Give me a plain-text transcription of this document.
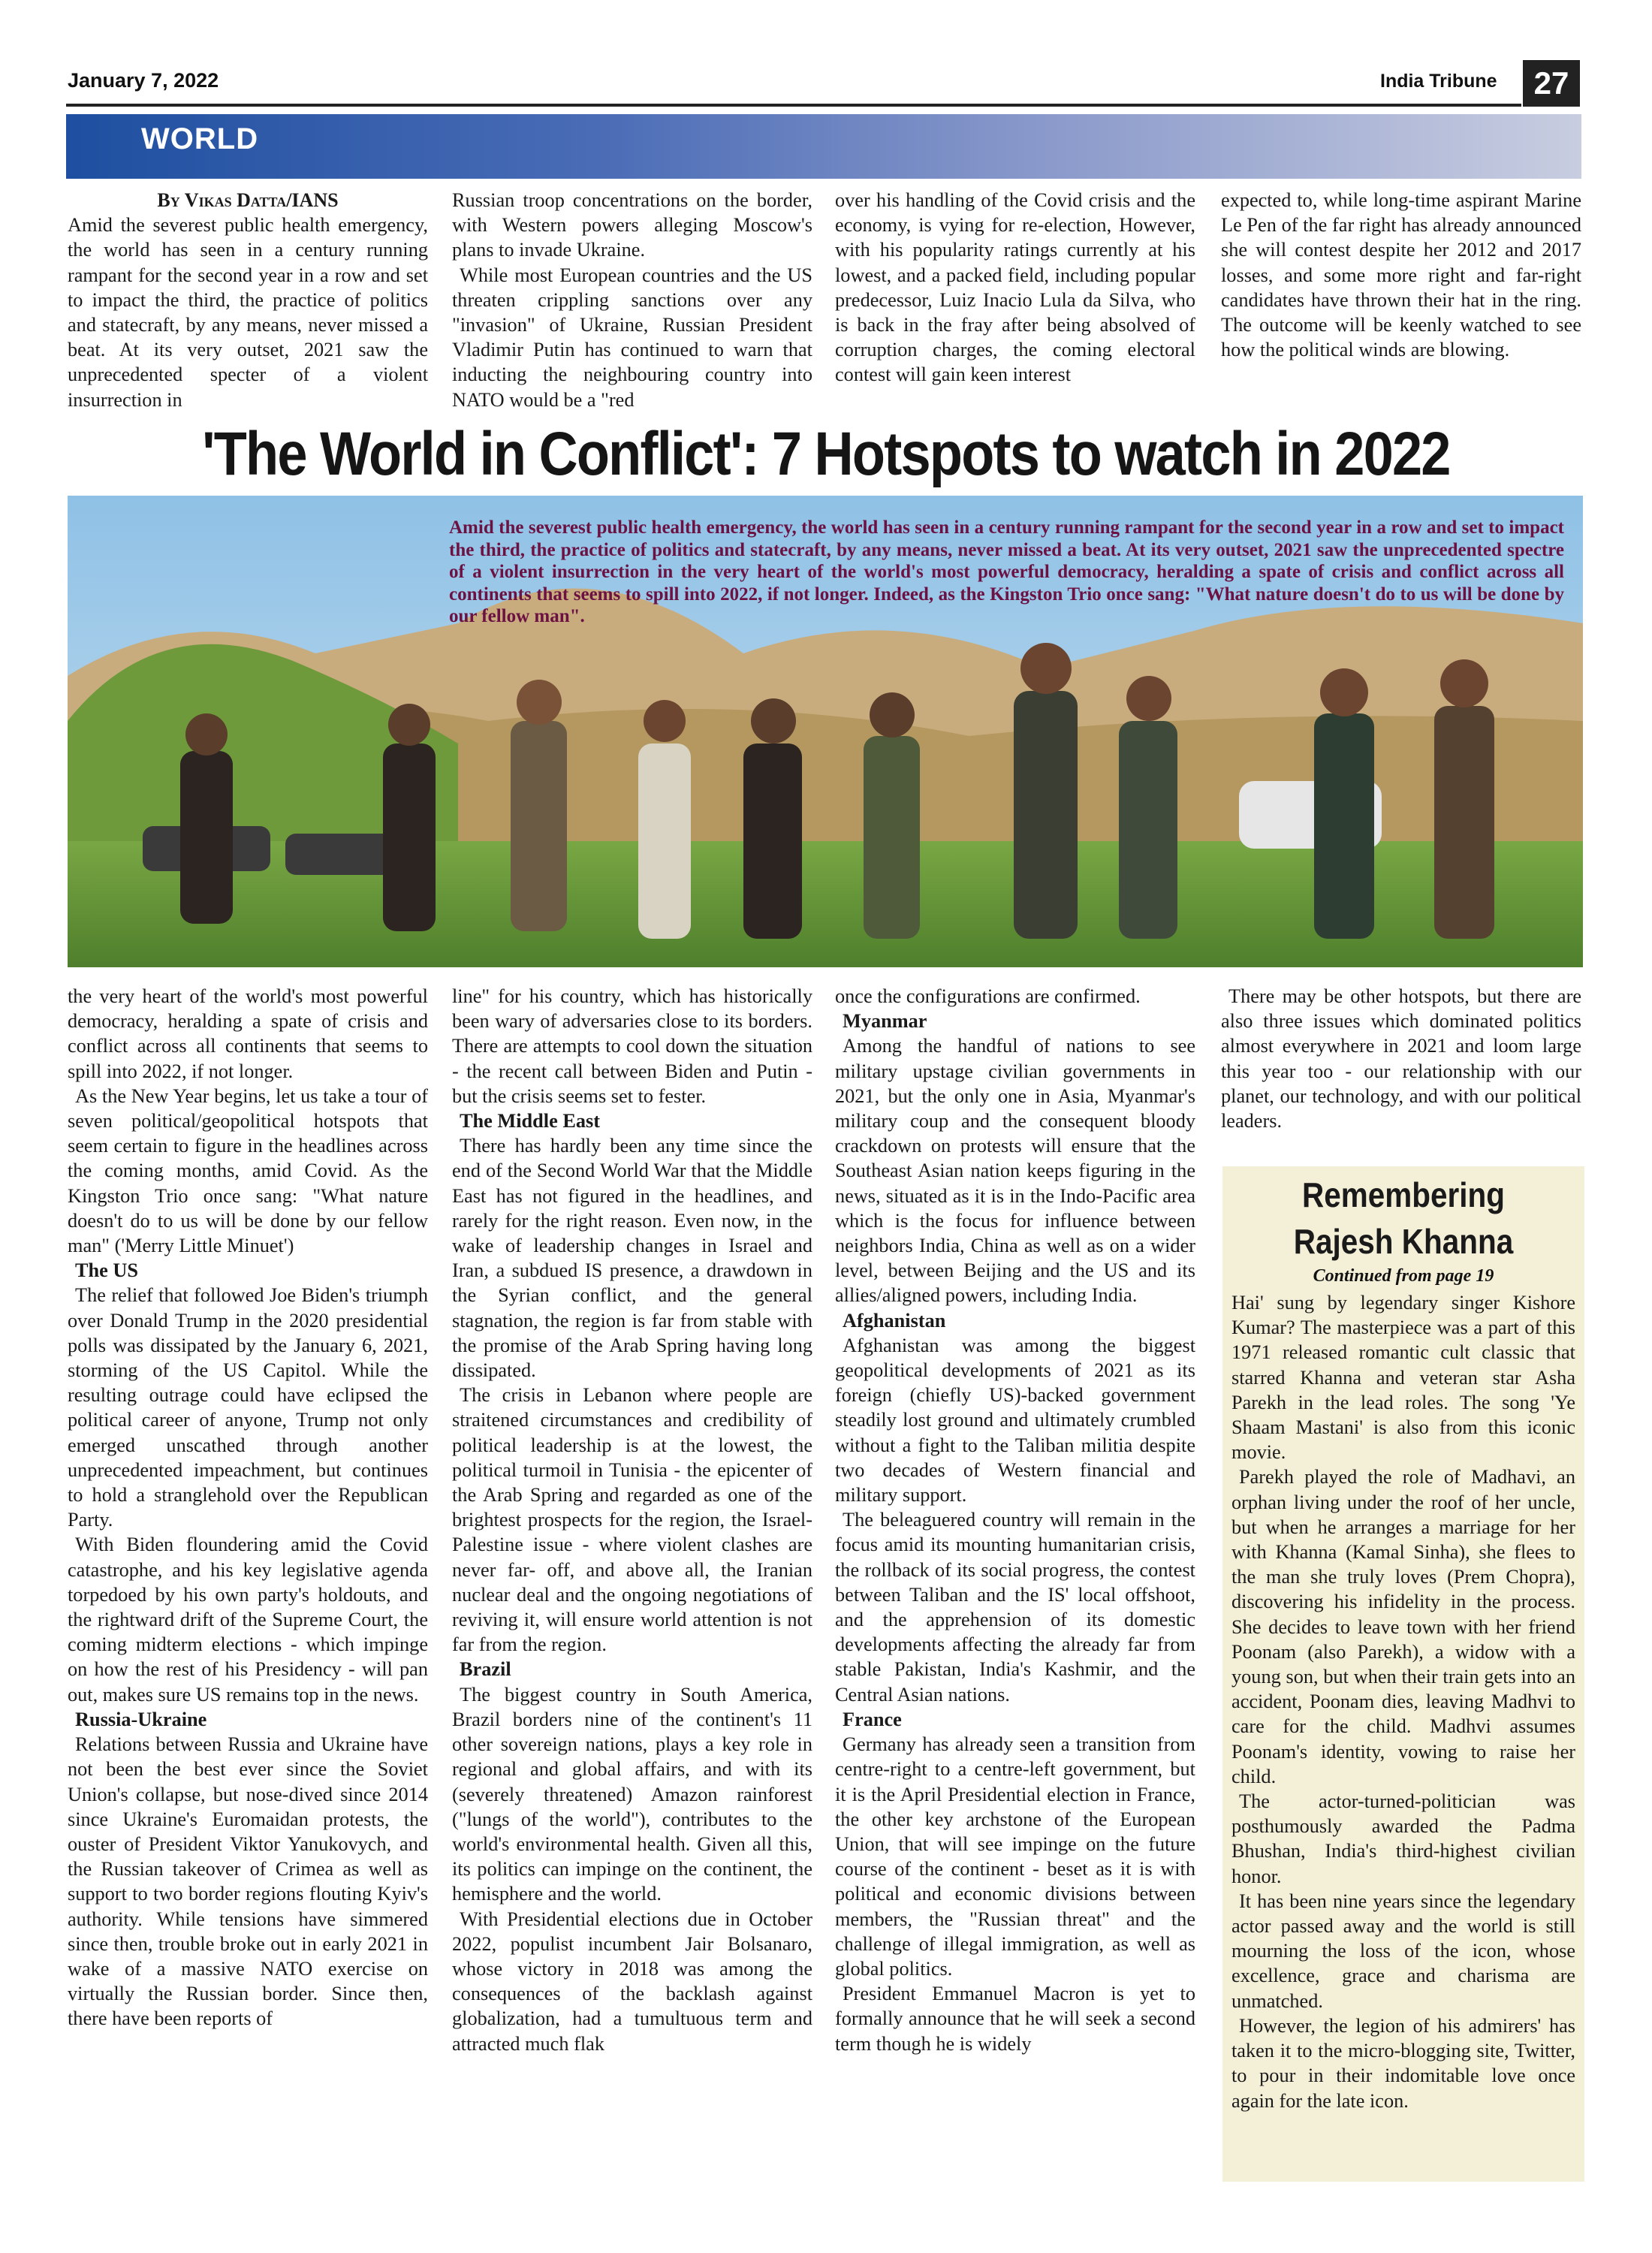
January 7, 2022	India Tribune	27
WORLD
By Vikas Datta/IANS

Amid the severest public health emergency, the world has seen in a century running rampant for the second year in a row and set to impact the third, the practice of politics and statecraft, by any means, never missed a beat. At its very outset, 2021 saw the unprecedented specter of a violent insurrection in

Russian troop concentrations on the border, with Western powers alleging Moscow's plans to invade Ukraine.

While most European countries and the US threaten crippling sanctions over any "invasion" of Ukraine, Russian President Vladimir Putin has continued to warn that inducting the neighbouring country into NATO would be a "red

over his handling of the Covid crisis and the economy, is vying for re-election, However, with his popularity ratings currently at his lowest, and a packed field, including popular predecessor, Luiz Inacio Lula da Silva, who is back in the fray after being absolved of corruption charges, the coming electoral contest will gain keen interest

expected to, while long-time aspirant Marine Le Pen of the far right has already announced she will contest despite her 2012 and 2017 losses, and some more right and far-right candidates have thrown their hat in the ring. The outcome will be keenly watched to see how the political winds are blowing.

'The World in Conflict': 7 Hotspots to watch in 2022
Amid the severest public health emergency, the world has seen in a century running rampant for the second year in a row and set to impact the third, the practice of politics and statecraft, by any means, never missed a beat. At its very outset, 2021 saw the unprecedented spectre of a violent insurrection in the very heart of the world's most powerful democracy, heralding a spate of crisis and conflict across all continents that seems to spill into 2022, if not longer. Indeed, as the Kingston Trio once sang: "What nature doesn't do to us will be done by our fellow man".

the very heart of the world's most powerful democracy, heralding a spate of crisis and conflict across all continents that seems to spill into 2022, if not longer.

As the New Year begins, let us take a tour of seven political/geopolitical hotspots that seem certain to figure in the headlines across the coming months, amid Covid. As the Kingston Trio once sang: "What nature doesn't do to us will be done by our fellow man" ('Merry Little Minuet')

The US

The relief that followed Joe Biden's triumph over Donald Trump in the 2020 presidential polls was dissipated by the January 6, 2021, storming of the US Capitol. While the resulting outrage could have eclipsed the political career of anyone, Trump not only emerged unscathed through another unprecedented impeachment, but continues to hold a stranglehold over the Republican Party.

With Biden floundering amid the Covid catastrophe, and his key legislative agenda torpedoed by his own party's holdouts, and the rightward drift of the Supreme Court, the coming midterm elections - which impinge on how the rest of his Presidency - will pan out, makes sure US remains top in the news.

Russia-Ukraine

Relations between Russia and Ukraine have not been the best ever since the Soviet Union's collapse, but nose-dived since 2014 since Ukraine's Euromaidan protests, the ouster of President Viktor Yanukovych, and the Russian takeover of Crimea as well as support to two border regions flouting Kyiv's authority. While tensions have simmered since then, trouble broke out in early 2021 in wake of a massive NATO exercise on virtually the Russian border. Since then, there have been reports of

line" for his country, which has historically been wary of adversaries close to its borders. There are attempts to cool down the situation - the recent call between Biden and Putin - but the crisis seems set to fester.

The Middle East

There has hardly been any time since the end of the Second World War that the Middle East has not figured in the headlines, and rarely for the right reason. Even now, in the wake of leadership changes in Israel and Iran, a subdued IS presence, a drawdown in the Syrian conflict, and the general stagnation, the region is far from stable with the promise of the Arab Spring having long dissipated.

The crisis in Lebanon where people are straitened circumstances and credibility of political leadership is at the lowest, the political turmoil in Tunisia - the epicenter of the Arab Spring and regarded as one of the brightest prospects for the region, the Israel-Palestine issue - where violent clashes are never far- off, and above all, the Iranian nuclear deal and the ongoing negotiations of reviving it, will ensure world attention is not far from the region.

Brazil

The biggest country in South America, Brazil borders nine of the continent's 11 other sovereign nations, plays a key role in regional and global affairs, and with its (severely threatened) Amazon rainforest ("lungs of the world"), contributes to the world's environmental health. Given all this, its politics can impinge on the continent, the hemisphere and the world.

With Presidential elections due in October 2022, populist incumbent Jair Bolsanaro, whose victory in 2018 was among the consequences of the backlash against globalization, had a tumultuous term and attracted much flak

once the configurations are confirmed.

Myanmar

Among the handful of nations to see military upstage civilian governments in 2021, but the only one in Asia, Myanmar's military coup and the consequent bloody crackdown on protests will ensure that the Southeast Asian nation keeps figuring in the news, situated as it is in the Indo-Pacific area which is the focus for influence between neighbors India, China as well as on a wider level, between Beijing and the US and its allies/aligned powers, including India.

Afghanistan

Afghanistan was among the biggest geopolitical developments of 2021 as its foreign (chiefly US)-backed government steadily lost ground and ultimately crumbled without a fight to the Taliban militia despite two decades of Western financial and military support.

The beleaguered country will remain in the focus amid its mounting humanitarian crisis, the rollback of its social progress, the contest between Taliban and the IS' local offshoot, and the apprehension of its domestic developments affecting the already far from stable Pakistan, India's Kashmir, and the Central Asian nations.

France

Germany has already seen a transition from centre-right to a centre-left government, but it is the April Presidential election in France, the other key archstone of the European Union, that will see impinge on the future course of the continent - beset as it is with political and economic divisions between members, the "Russian threat" and the challenge of illegal immigration, as well as global politics.

President Emmanuel Macron is yet to formally announce that he will seek a second term though he is widely

There may be other hotspots, but there are also three issues which dominated politics almost everywhere in 2021 and loom large this year too - our relationship with our planet, our technology, and with our political leaders.

Remembering
Rajesh Khanna
Continued from page 19

Hai' sung by legendary singer Kishore Kumar? The masterpiece was a part of this 1971 released romantic cult classic that starred Khanna and veteran star Asha Parekh in the lead roles. The song 'Ye Shaam Mastani' is also from this iconic movie.

Parekh played the role of Madhavi, an orphan living under the roof of her uncle, but when he arranges a marriage for her with Khanna (Kamal Sinha), she flees to the man she truly loves (Prem Chopra), discovering his infidelity in the process. She decides to leave town with her friend Poonam (also Parekh), a widow with a young son, but when their train gets into an accident, Poonam dies, leaving Madhvi to care for the child. Madhvi assumes Poonam's identity, vowing to raise her child.

The actor-turned-politician was posthumously awarded the Padma Bhushan, India's third-highest civilian honor.

It has been nine years since the legendary actor passed away and the world is still mourning the loss of the icon, whose excellence, grace and charisma are unmatched.

However, the legion of his admirers' has taken it to the micro-blogging site, Twitter, to pour in their indomitable love once again for the late icon.
